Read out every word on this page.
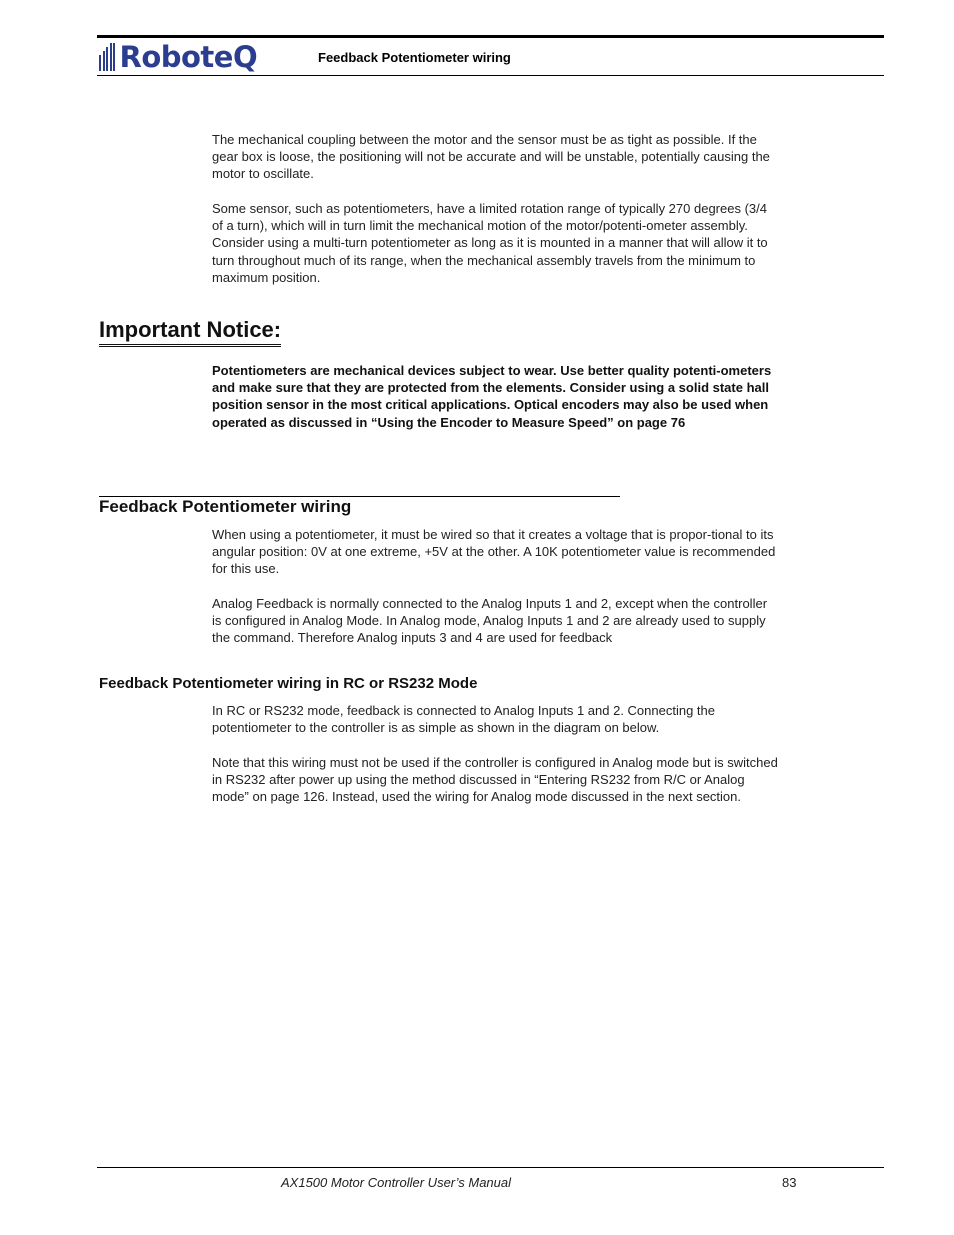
RoboteQ	Feedback Potentiometer wiring
The mechanical coupling between the motor and the sensor must be as tight as possible. If the gear box is loose, the positioning will not be accurate and will be unstable, potentially causing the motor to oscillate.
Some sensor, such as potentiometers, have a limited rotation range of typically 270 degrees (3/4 of a turn), which will in turn limit the mechanical motion of the motor/potenti-ometer assembly. Consider using a multi-turn potentiometer as long as it is mounted in a manner that will allow it to turn throughout much of its range, when the mechanical assembly travels from the minimum to maximum position.
Important Notice:
Potentiometers are mechanical devices subject to wear. Use better quality potenti-ometers and make sure that they are protected from the elements. Consider using a solid state hall position sensor in the most critical applications. Optical encoders may also be used when operated as discussed in “Using the Encoder to Measure Speed” on page 76
Feedback Potentiometer wiring
When using a potentiometer, it must be wired so that it creates a voltage that is propor-tional to its angular position: 0V at one extreme, +5V at the other. A 10K potentiometer value is recommended for this use.
Analog Feedback is normally connected to the Analog Inputs 1 and 2, except when the controller is configured in Analog Mode. In Analog mode, Analog Inputs 1 and 2 are already used to supply the command. Therefore Analog inputs 3 and 4 are used for feedback
Feedback Potentiometer wiring in RC or RS232 Mode
In RC or RS232 mode, feedback is connected to Analog Inputs 1 and 2. Connecting the potentiometer to the controller is as simple as shown in the diagram on below.
Note that this wiring must not be used if the controller is configured in Analog mode but is switched in RS232 after power up using the method discussed in “Entering RS232 from R/C or Analog mode” on page 126. Instead, used the wiring for Analog mode discussed in the next section.
AX1500 Motor Controller User’s Manual	83
